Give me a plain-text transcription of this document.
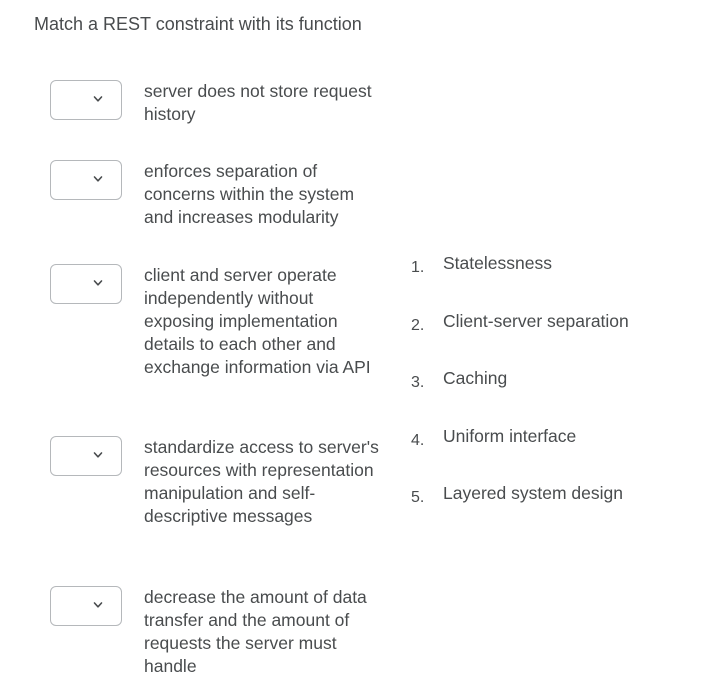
Match a REST constraint with its function
server does not store request history
enforces separation of concerns within the system and increases modularity
client and server operate independently without exposing implementation details to each other and exchange information via API
standardize access to server's resources with representation manipulation and self-descriptive messages
decrease the amount of data transfer and the amount of requests the server must handle
1. Statelessness
2. Client-server separation
3. Caching
4. Uniform interface
5. Layered system design
